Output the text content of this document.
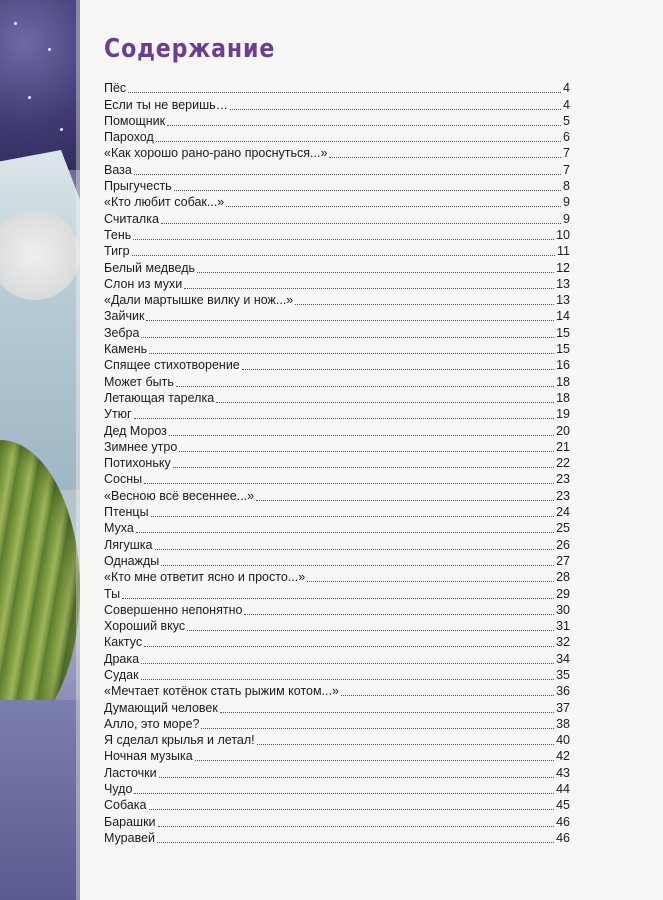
Содержание
Пёс	4
Если ты не веришь…	4
Помощник	5
Пароход	6
«Как хорошо рано-рано проснуться...»	7
Ваза	7
Прыгучесть	8
«Кто любит собак...»	9
Считалка	9
Тень	10
Тигр	11
Белый медведь	12
Слон из мухи	13
«Дали мартышке вилку и нож...»	13
Зайчик	14
Зебра	15
Камень	15
Спящее стихотворение	16
Может быть	18
Летающая тарелка	18
Утюг	19
Дед Мороз	20
Зимнее утро	21
Потихоньку	22
Сосны	23
«Весною всё весеннее...»	23
Птенцы	24
Муха	25
Лягушка	26
Однажды	27
«Кто мне ответит ясно и просто...»	28
Ты	29
Совершенно непонятно	30
Хороший вкус	31
Кактус	32
Драка	34
Судак	35
«Мечтает котёнок стать рыжим котом...»	36
Думающий человек	37
Алло, это море?	38
Я сделал крылья и летал!	40
Ночная музыка	42
Ласточки	43
Чудо	44
Собака	45
Барашки	46
Муравей	46
